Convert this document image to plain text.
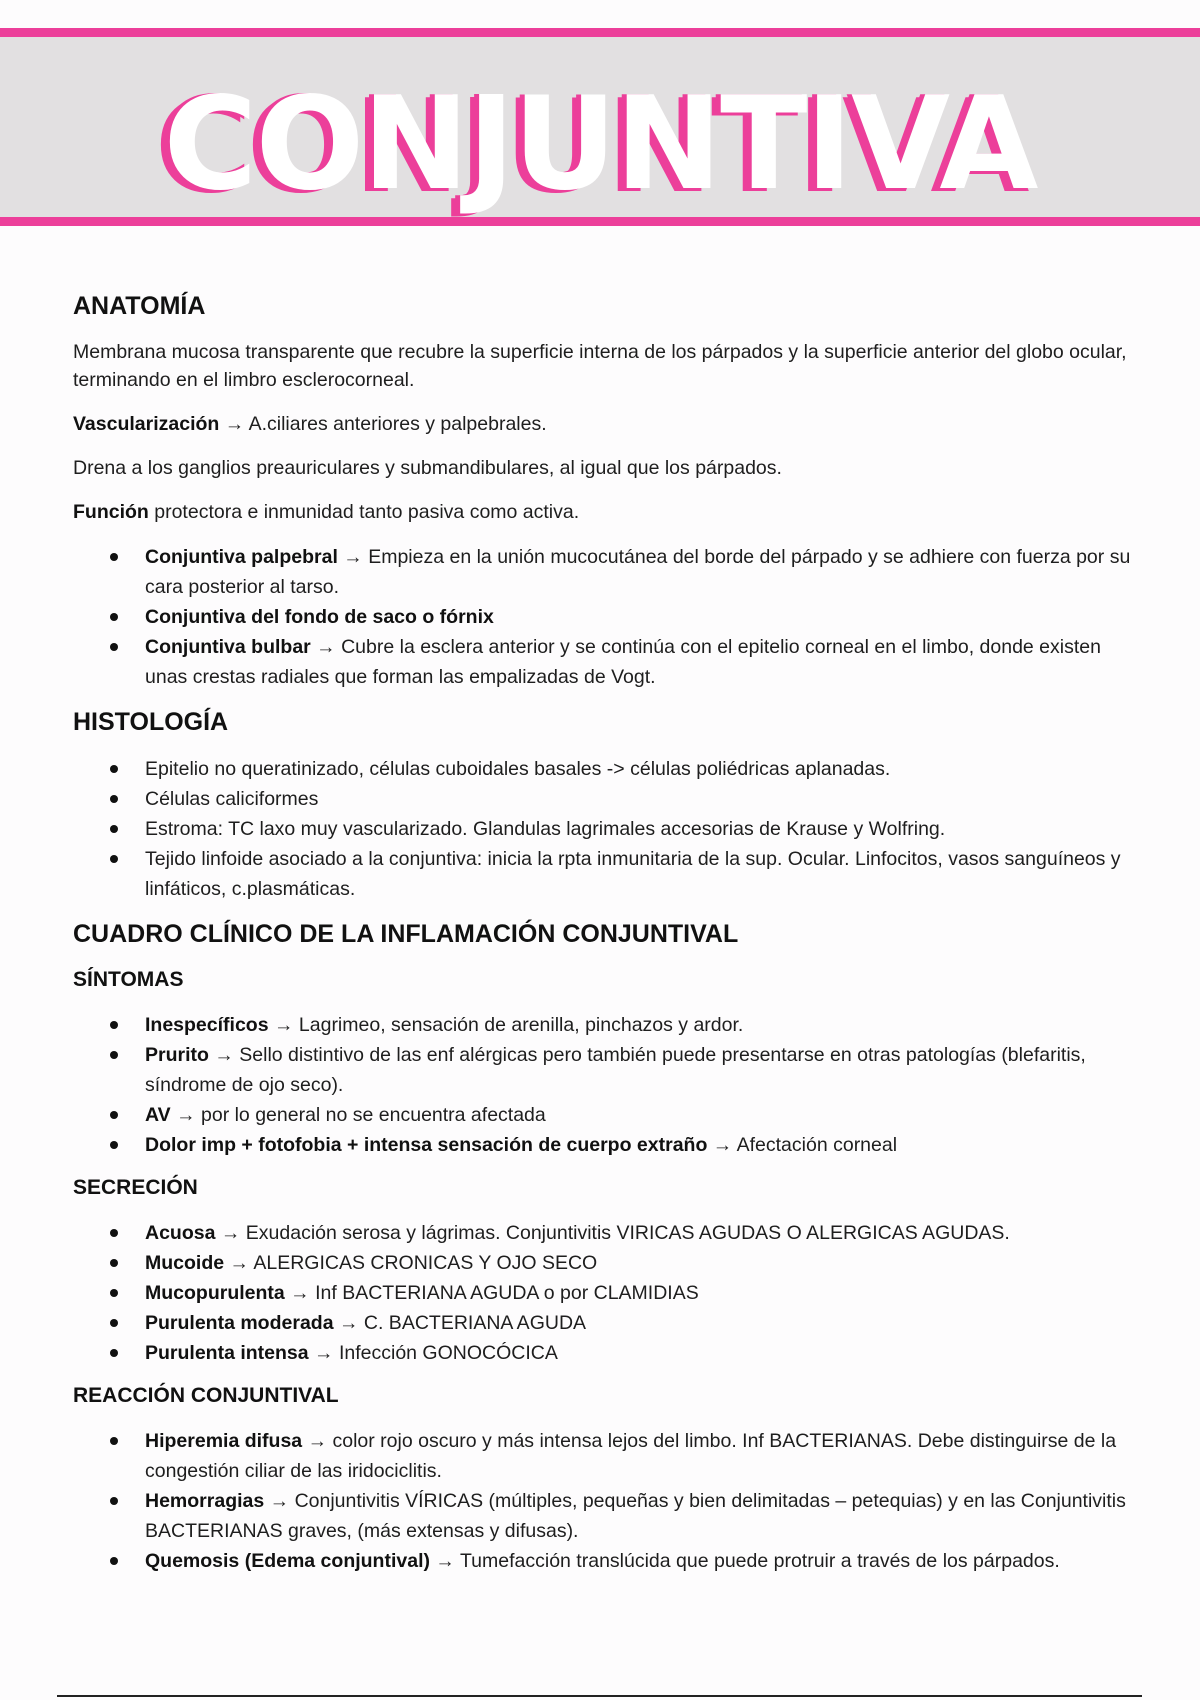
CONJUNTIVA
ANATOMÍA

Membrana mucosa transparente que recubre la superficie interna de los párpados y la superficie anterior del globo ocular, terminando en el limbro esclerocorneal.

Vascularización → A.ciliares anteriores y palpebrales.

Drena a los ganglios preauriculares y submandibulares, al igual que los párpados.

Función protectora e inmunidad tanto pasiva como activa.

Conjuntiva palpebral → Empieza en la unión mucocutánea del borde del párpado y se adhiere con fuerza por su cara posterior al tarso.
Conjuntiva del fondo de saco o fórnix
Conjuntiva bulbar → Cubre la esclera anterior y se continúa con el epitelio corneal en el limbo, donde existen unas crestas radiales que forman las empalizadas de Vogt.
HISTOLOGÍA
Epitelio no queratinizado, células cuboidales basales -> células poliédricas aplanadas.
Células caliciformes
Estroma: TC laxo muy vascularizado. Glandulas lagrimales accesorias de Krause y Wolfring.
Tejido linfoide asociado a la conjuntiva: inicia la rpta inmunitaria de la sup. Ocular. Linfocitos, vasos sanguíneos y linfáticos, c.plasmáticas.
CUADRO CLÍNICO DE LA INFLAMACIÓN CONJUNTIVAL
SÍNTOMAS
Inespecíficos → Lagrimeo, sensación de arenilla, pinchazos y ardor.
Prurito → Sello distintivo de las enf alérgicas pero también puede presentarse en otras patologías (blefaritis, síndrome de ojo seco).
AV → por lo general no se encuentra afectada
Dolor imp + fotofobia + intensa sensación de cuerpo extraño → Afectación corneal
SECRECIÓN
Acuosa → Exudación serosa y lágrimas. Conjuntivitis VIRICAS AGUDAS O ALERGICAS AGUDAS.
Mucoide → ALERGICAS CRONICAS Y OJO SECO
Mucopurulenta → Inf BACTERIANA AGUDA o por CLAMIDIAS
Purulenta moderada → C. BACTERIANA AGUDA
Purulenta intensa → Infección GONOCÓCICA
REACCIÓN CONJUNTIVAL
Hiperemia difusa → color rojo oscuro y más intensa lejos del limbo. Inf BACTERIANAS. Debe distinguirse de la congestión ciliar de las iridociclitis.
Hemorragias → Conjuntivitis VÍRICAS (múltiples, pequeñas y bien delimitadas – petequias) y en las Conjuntivitis BACTERIANAS graves, (más extensas y difusas).
Quemosis (Edema conjuntival) → Tumefacción translúcida que puede protruir a través de los párpados.
